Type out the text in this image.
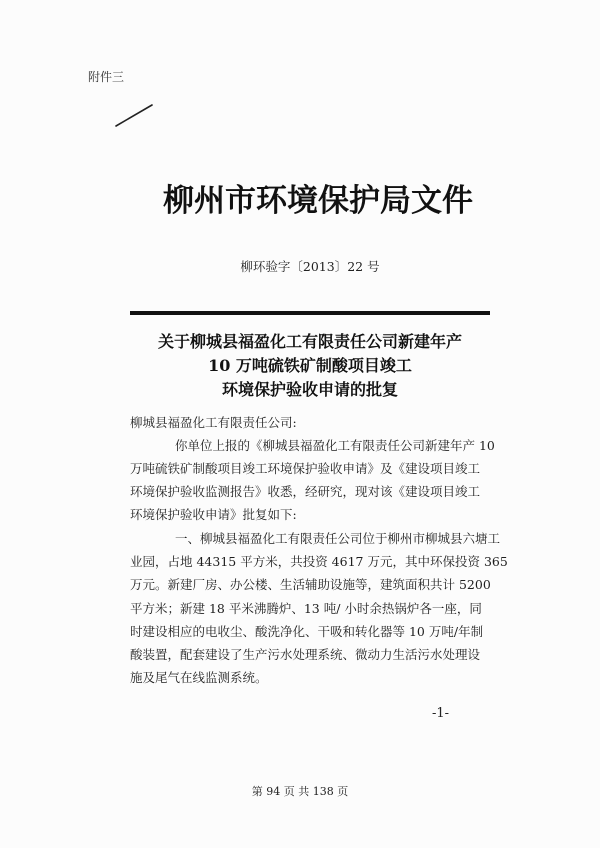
附件三
柳州市环境保护局文件
柳环验字〔2013〕22 号
关于柳城县福盈化工有限责任公司新建年产
10 万吨硫铁矿制酸项目竣工
环境保护验收申请的批复
柳城县福盈化工有限责任公司:
你单位上报的《柳城县福盈化工有限责任公司新建年产 10
万吨硫铁矿制酸项目竣工环境保护验收申请》及《建设项目竣工
环境保护验收监测报告》收悉，经研究，现对该《建设项目竣工
环境保护验收申请》批复如下:
一、柳城县福盈化工有限责任公司位于柳州市柳城县六塘工
业园，占地 44315 平方米，共投资 4617 万元，其中环保投资 365
万元。新建厂房、办公楼、生活辅助设施等，建筑面积共计 5200
平方米；新建 18 平米沸腾炉、13 吨/ 小时余热锅炉各一座，同
时建设相应的电收尘、酸洗净化、干吸和转化器等 10 万吨/年制
酸装置，配套建设了生产污水处理系统、微动力生活污水处理设
施及尾气在线监测系统。
-1-
第 94 页 共 138 页
